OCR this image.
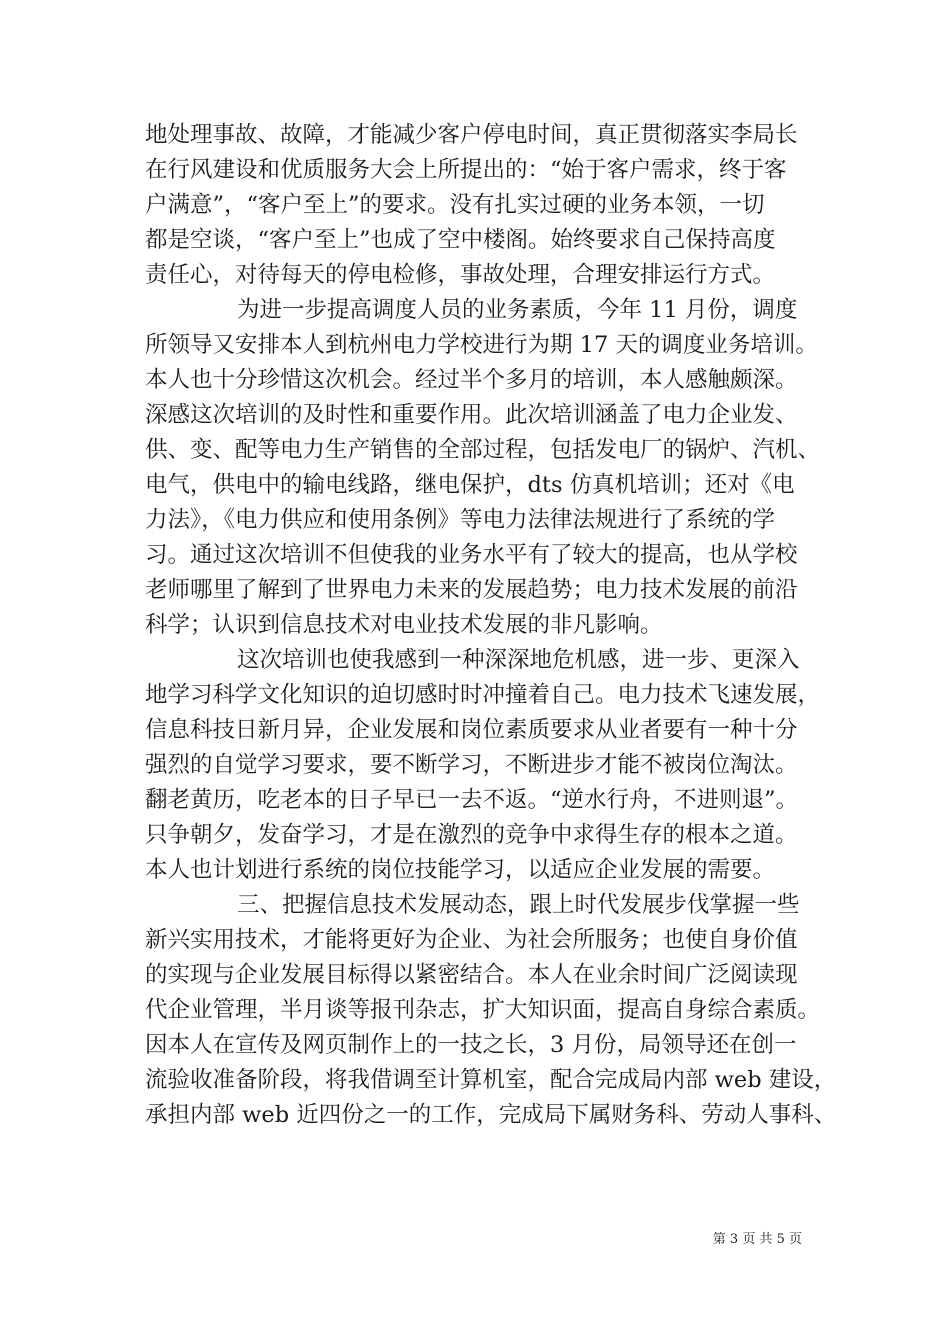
地处理事故、故障，才能减少客户停电时间，真正贯彻落实李局长
在行风建设和优质服务大会上所提出的：“始于客户需求，终于客
户满意”，“客户至上”的要求。没有扎实过硬的业务本领，一切
都是空谈，“客户至上”也成了空中楼阁。始终要求自己保持高度
责任心，对待每天的停电检修，事故处理，合理安排运行方式。
为进一步提高调度人员的业务素质，今年 11 月份，调度
所领导又安排本人到杭州电力学校进行为期 17 天的调度业务培训。
本人也十分珍惜这次机会。经过半个多月的培训，本人感触颇深。
深感这次培训的及时性和重要作用。此次培训涵盖了电力企业发、
供、变、配等电力生产销售的全部过程，包括发电厂的锅炉、汽机、
电气，供电中的输电线路，继电保护，dts 仿真机培训；还对《电
力法》，《电力供应和使用条例》等电力法律法规进行了系统的学
习。通过这次培训不但使我的业务水平有了较大的提高，也从学校
老师哪里了解到了世界电力未来的发展趋势；电力技术发展的前沿
科学；认识到信息技术对电业技术发展的非凡影响。
这次培训也使我感到一种深深地危机感，进一步、更深入
地学习科学文化知识的迫切感时时冲撞着自己。电力技术飞速发展，
信息科技日新月异，企业发展和岗位素质要求从业者要有一种十分
强烈的自觉学习要求，要不断学习，不断进步才能不被岗位淘汰。
翻老黄历，吃老本的日子早已一去不返。“逆水行舟，不进则退”。
只争朝夕，发奋学习，才是在激烈的竞争中求得生存的根本之道。
本人也计划进行系统的岗位技能学习，以适应企业发展的需要。
三、把握信息技术发展动态，跟上时代发展步伐掌握一些
新兴实用技术，才能将更好为企业、为社会所服务；也使自身价值
的实现与企业发展目标得以紧密结合。本人在业余时间广泛阅读现
代企业管理，半月谈等报刊杂志，扩大知识面，提高自身综合素质。
因本人在宣传及网页制作上的一技之长，3 月份，局领导还在创一
流验收准备阶段，将我借调至计算机室，配合完成局内部 web 建设，
承担内部 web 近四份之一的工作，完成局下属财务科、劳动人事科、
第 3 页 共 5 页
